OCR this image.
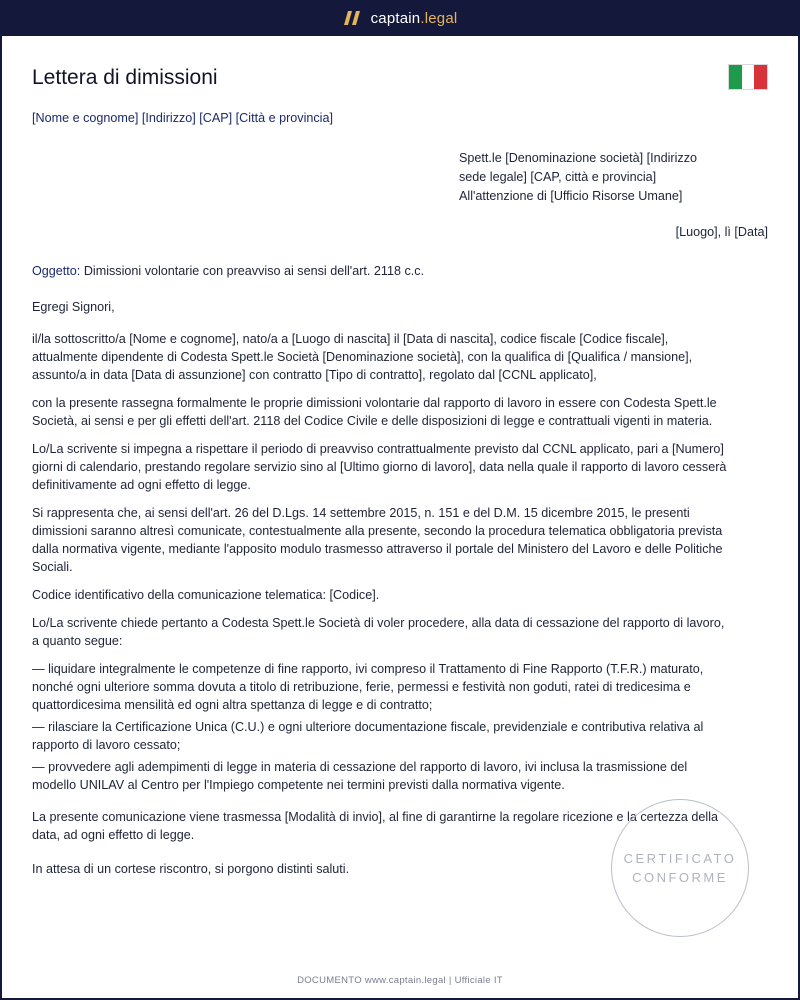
captain.legal
Lettera di dimissioni
[Nome e cognome] [Indirizzo] [CAP] [Città e provincia]
Spett.le [Denominazione società] [Indirizzo
sede legale] [CAP, città e provincia]
All'attenzione di [Ufficio Risorse Umane]
[Luogo], lì [Data]
Oggetto: Dimissioni volontarie con preavviso ai sensi dell'art. 2118 c.c.

Egregi Signori,

il/la sottoscritto/a [Nome e cognome], nato/a a [Luogo di nascita] il [Data di nascita], codice fiscale [Codice fiscale], attualmente dipendente di Codesta Spett.le Società [Denominazione società], con la qualifica di [Qualifica / mansione], assunto/a in data [Data di assunzione] con contratto [Tipo di contratto], regolato dal [CCNL applicato],

con la presente rassegna formalmente le proprie dimissioni volontarie dal rapporto di lavoro in essere con Codesta Spett.le Società, ai sensi e per gli effetti dell'art. 2118 del Codice Civile e delle disposizioni di legge e contrattuali vigenti in materia.

Lo/La scrivente si impegna a rispettare il periodo di preavviso contrattualmente previsto dal CCNL applicato, pari a [Numero] giorni di calendario, prestando regolare servizio sino al [Ultimo giorno di lavoro], data nella quale il rapporto di lavoro cesserà definitivamente ad ogni effetto di legge.

Si rappresenta che, ai sensi dell'art. 26 del D.Lgs. 14 settembre 2015, n. 151 e del D.M. 15 dicembre 2015, le presenti dimissioni saranno altresì comunicate, contestualmente alla presente, secondo la procedura telematica obbligatoria prevista dalla normativa vigente, mediante l'apposito modulo trasmesso attraverso il portale del Ministero del Lavoro e delle Politiche Sociali.

Codice identificativo della comunicazione telematica: [Codice].

Lo/La scrivente chiede pertanto a Codesta Spett.le Società di voler procedere, alla data di cessazione del rapporto di lavoro, a quanto segue:

— liquidare integralmente le competenze di fine rapporto, ivi compreso il Trattamento di Fine Rapporto (T.F.R.) maturato, nonché ogni ulteriore somma dovuta a titolo di retribuzione, ferie, permessi e festività non goduti, ratei di tredicesima e quattordicesima mensilità ed ogni altra spettanza di legge e di contratto;

— rilasciare la Certificazione Unica (C.U.) e ogni ulteriore documentazione fiscale, previdenziale e contributiva relativa al rapporto di lavoro cessato;

— provvedere agli adempimenti di legge in materia di cessazione del rapporto di lavoro, ivi inclusa la trasmissione del modello UNILAV al Centro per l'Impiego competente nei termini previsti dalla normativa vigente.

La presente comunicazione viene trasmessa [Modalità di invio], al fine di garantirne la regolare ricezione e la certezza della data, ad ogni effetto di legge.

In attesa di un cortese riscontro, si porgono distinti saluti.

CERTIFICATO
CONFORME
DOCUMENTO www.captain.legal | Ufficiale IT
